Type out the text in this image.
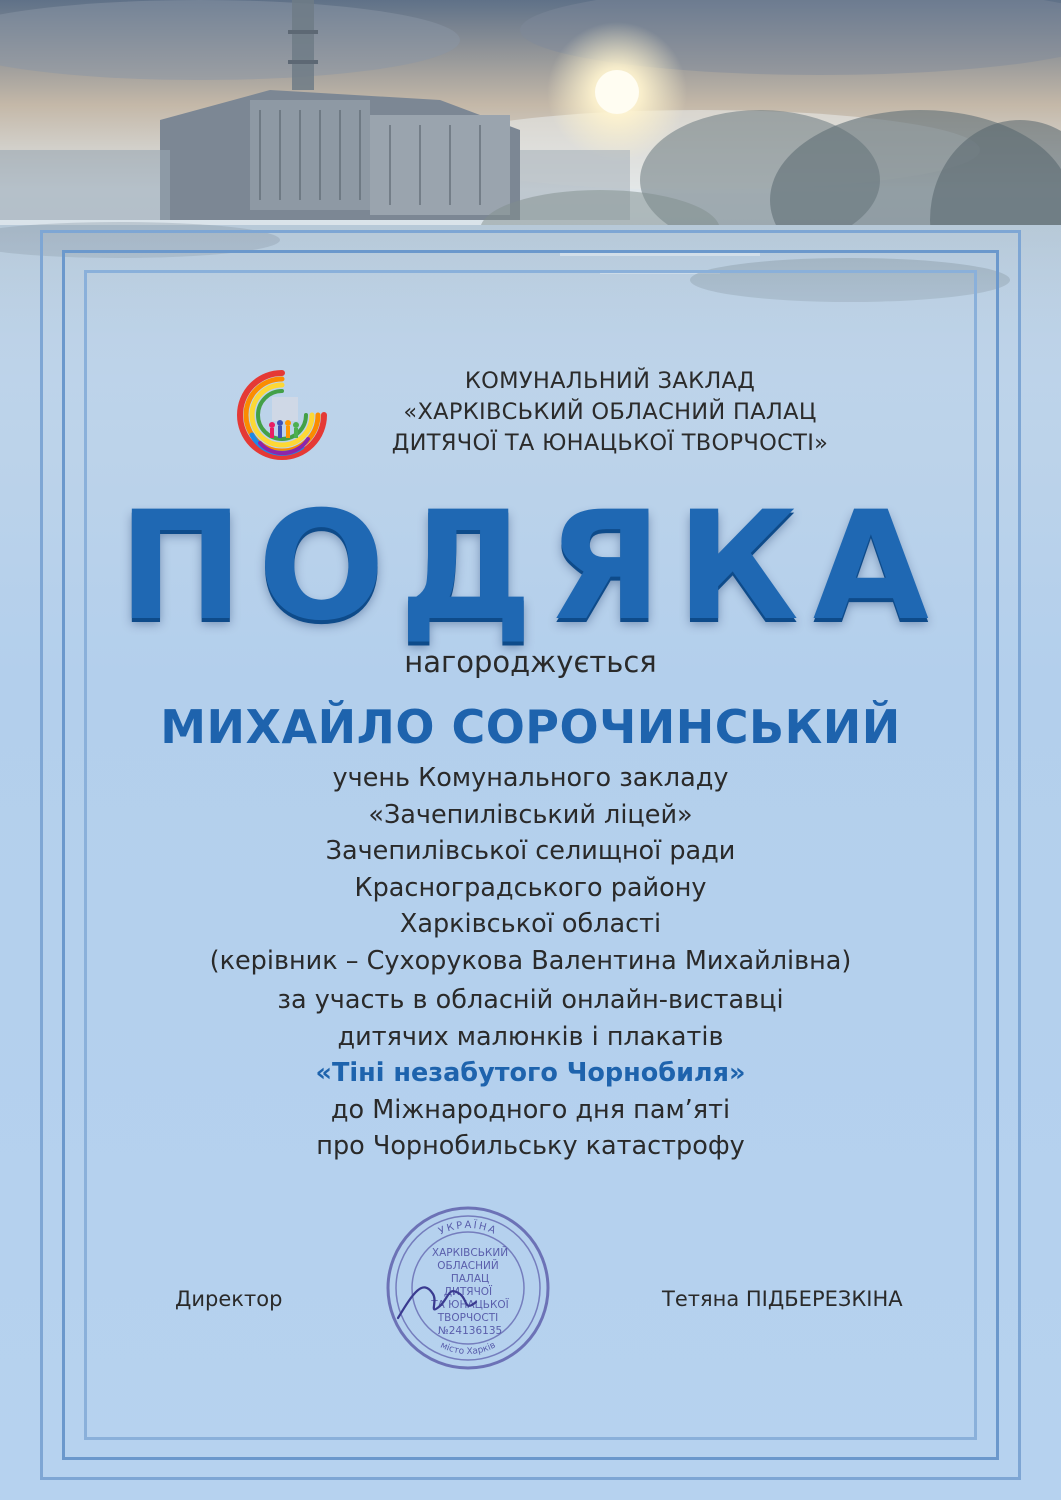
КОМУНАЛЬНИЙ ЗАКЛАД
«ХАРКІВСЬКИЙ ОБЛАСНИЙ ПАЛАЦ
ДИТЯЧОЇ ТА ЮНАЦЬКОЇ ТВОРЧОСТІ»
ПОДЯКА
нагороджується
МИХАЙЛО СОРОЧИНСЬКИЙ
учень Комунального закладу
«Зачепилівський ліцей»
Зачепилівської селищної ради
Красноградського району
Харківської області
(керівник – Сухорукова Валентина Михайлівна)
за участь в обласній онлайн-виставці
дитячих малюнків і плакатів
«Тіні незабутого Чорнобиля»
до Міжнародного дня пам’яті
про Чорнобильську катастрофу
УКРАЇНА
місто Харків
ХАРКІВСЬКИЙ
ОБЛАСНИЙ
ПАЛАЦ
ДИТЯЧОЇ
ТА ЮНАЦЬКОЇ
ТВОРЧОСТІ
№24136135
Директор	Тетяна ПІДБЕРЕЗКІНА
